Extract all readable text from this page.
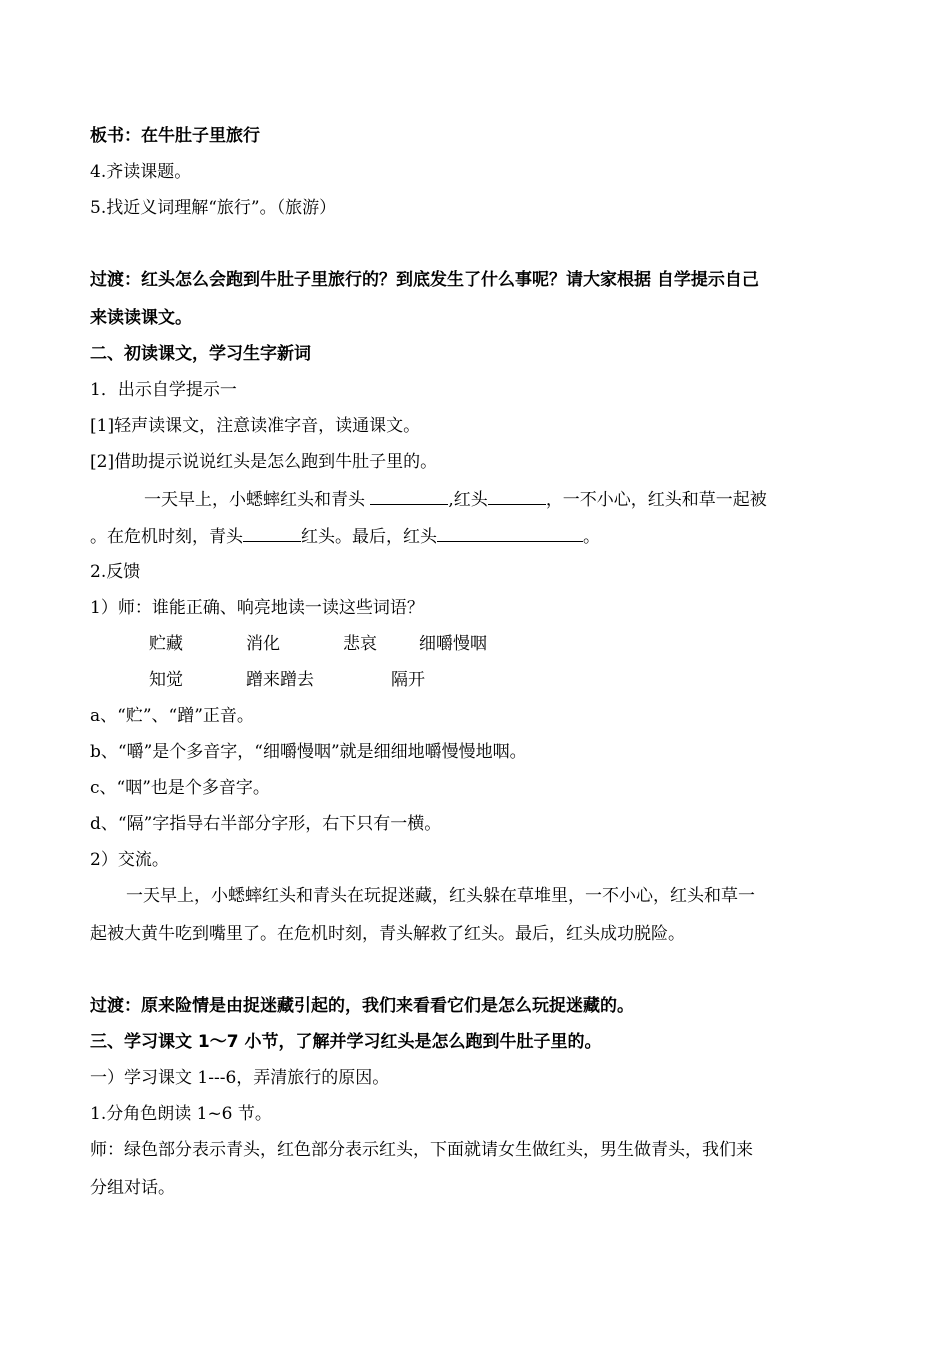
板书：在牛肚子里旅行
4.齐读课题。
5.找近义词理解“旅行”。（旅游）
过渡：红头怎么会跑到牛肚子里旅行的？到底发生了什么事呢？请大家根据 自学提示自己
来读读课文。
二、初读课文，学习生字新词
1．出示自学提示一
[1]轻声读课文，注意读准字音，读通课文。
[2]借助提示说说红头是怎么跑到牛肚子里的。
一天早上，小蟋蟀红头和青头	,红头	，一不小心，红头和草一起被
。在危机时刻，青头	红头。最后，红头	。
2.反馈
1）师：谁能正确、响亮地读一读这些词语？
贮藏	消化	悲哀 细嚼慢咽
知觉	蹭来蹭去	隔开
a、“贮”、“蹭”正音。
b、“嚼”是个多音字，“细嚼慢咽”就是细细地嚼慢慢地咽。
c、“咽”也是个多音字。
d、“隔”字指导右半部分字形，右下只有一横。
2）交流。
一天早上，小蟋蟀红头和青头在玩捉迷藏，红头躲在草堆里，一不小心，红头和草一
起被大黄牛吃到嘴里了。在危机时刻，青头解救了红头。最后，红头成功脱险。
过渡：原来险情是由捉迷藏引起的，我们来看看它们是怎么玩捉迷藏的。
三、学习课文 1～7 小节，了解并学习红头是怎么跑到牛肚子里的。
一）学习课文 1---6，弄清旅行的原因。
1.分角色朗读 1~6 节。
师：绿色部分表示青头，红色部分表示红头，下面就请女生做红头，男生做青头，我们来
分组对话。
